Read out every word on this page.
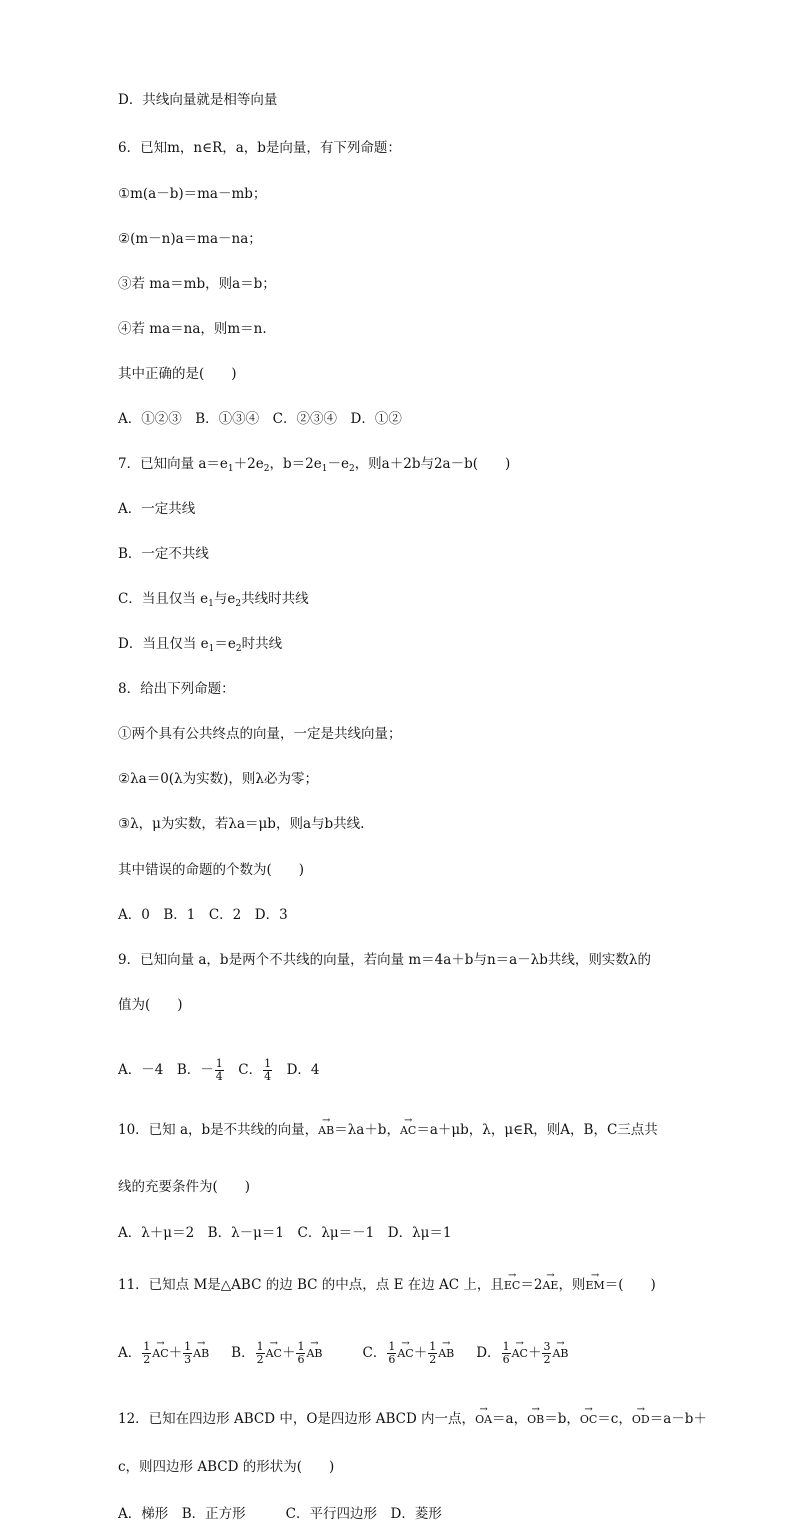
D．共线向量就是相等向量
6．已知m，n∈R，a，b是向量，有下列命题：
①m(a－b)＝ma－mb；
②(m－n)a＝ma－na；
③若 ma＝mb，则a＝b；
④若 ma＝na，则m＝n.
其中正确的是(　　)
A．①②③　B．①③④　C．②③④　D．①②
7．已知向量 $a=e_1+2e_2$，$b=2e_1-e_2$，则a＋2b与2a－b(　　)
A．一定共线
B．一定不共线
C．当且仅当 $e_1$与$e_2$共线时共线
D．当且仅当 $e_1=e_2$时共线
8．给出下列命题：
①两个具有公共终点的向量，一定是共线向量；
②λa＝0(λ为实数)，则λ必为零；
③λ，μ为实数，若λa＝μb，则a与b共线.
其中错误的命题的个数为(　　)
A．0　B．1　C．2　D．3
9．已知向量 a，b是两个不共线的向量，若向量 m＝4a＋b与n＝a－λb共线，则实数λ的
值为(　　)
A．－4　B．－ $\frac{1}{4}$ 　C． $\frac{1}{4}$ 　D．4
10．已知 a，b是不共线的向量，→ AB＝λa＋b，→ AC＝a＋μb，λ，μ∈R，则A，B，C三点共
线的充要条件为(　　)
A．λ＋μ＝2　B．λ－μ＝1　C．λμ＝－1　D．λμ＝1
11．已知点 M是△ABC 的边 BC 的中点，点 E 在边 AC 上，且→ EC＝2→ AE，则→ EM＝(　　)
A． $\frac{1}{2}$
→ $AC+ \frac{1}{3}$
→ AB B． $\frac{1}{2}$
→ $AC+ \frac{1}{6}$
→ AB	C． $\frac{1}{6}$
→ $AC+ \frac{1}{2}$
→ AB D． $\frac{1}{6}$
→ $AC+ \frac{3}{2}$
→ AB
12．已知在四边形 ABCD 中，O是四边形 ABCD 内一点，→ OA＝a，→ OB＝b，→ OC＝c，→ OD＝a－b＋
c，则四边形 ABCD 的形状为(　　)
A．梯形　B．正方形	C．平行四边形　D．菱形
